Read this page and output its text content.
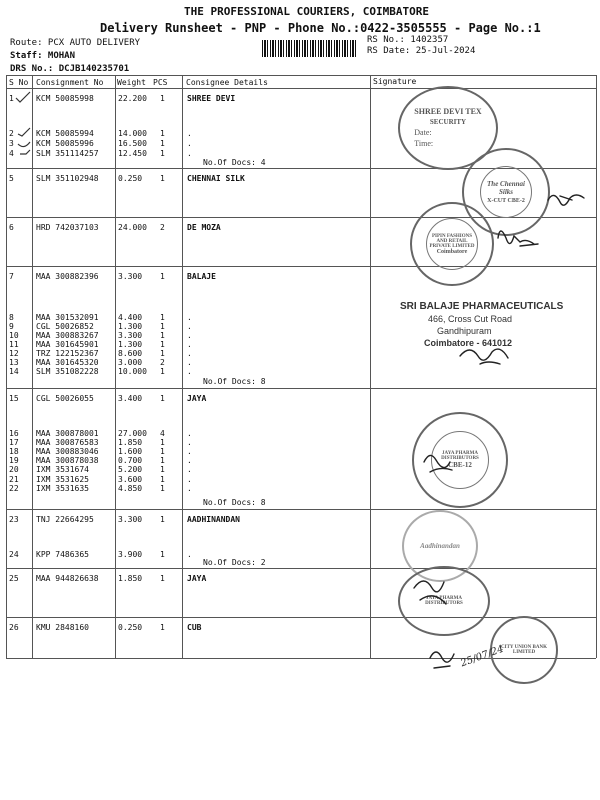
THE PROFESSIONAL COURIERS, COIMBATORE
Delivery Runsheet - PNP - Phone No.:0422-3505555 - Page No.:1
Route: PCX AUTO DELIVERY
Staff: MOHAN
DRS No.: DCJB140235701
RS No.: 1402357
RS Date: 25-Jul-2024
S No Consignment No Weight PCS Consignee Details	Signature
1	KCM 50085998	22.200 1	SHREE DEVI
2	KCM 50085994	14.000 1	.
3	KCM 50085996	16.500 1	.
4	SLM 351114257 12.450 1	.
5	SLM 351102948 0.250 1	CHENNAI SILK
6	HRD 742037103 24.000 2	DE MOZA
7	MAA 300882396 3.300 1	BALAJE
8	MAA 301532091 4.400 1	.
9	CGL 50026852	1.300 1	.
10 MAA 300883267 3.300 1	.
11 MAA 301645901 1.300 1	.
12 TRZ 122152367 8.600 1	.
13 MAA 301645320 3.000 2	.
14 SLM 351082228 10.000 1	.
15 CGL 50026055	3.400 1	JAYA
16 MAA 300878001 27.000 4	.
17 MAA 300876583 1.850 1	.
18 MAA 300883046 1.600 1	.
19 MAA 300878038 0.700 1	.
20 IXM 3531674	5.200 1	.
21 IXM 3531625	3.600 1	.
22 IXM 3531635	4.850 1	.
23 TNJ 22664295	3.300 1	AADHINANDAN
24 KPP 7486365	3.900 1	.
25 MAA 944826638 1.850 1	JAYA
26 KMU 2848160	0.250 1	CUB
No.Of Docs: 4
No.Of Docs: 8
No.Of Docs: 8
No.Of Docs: 2
SHREE DEVI TEX
SECURITY
Date:
Time:
The Chennai Silks
X-CUT CBE-2
PIPIN FASHIONS AND RETAIL PRIVATE LIMITED
Coimbatore
SRI BALAJE PHARMACEUTICALS
466, Cross Cut Road
Gandhipuram
Coimbatore - 641012
JAYA PHARMA DISTRIBUTORS
CBE-12
Aadhinandan
JAYA PHARMA DISTRIBUTORS
CITY UNION BANK LIMITED
25/07/24
